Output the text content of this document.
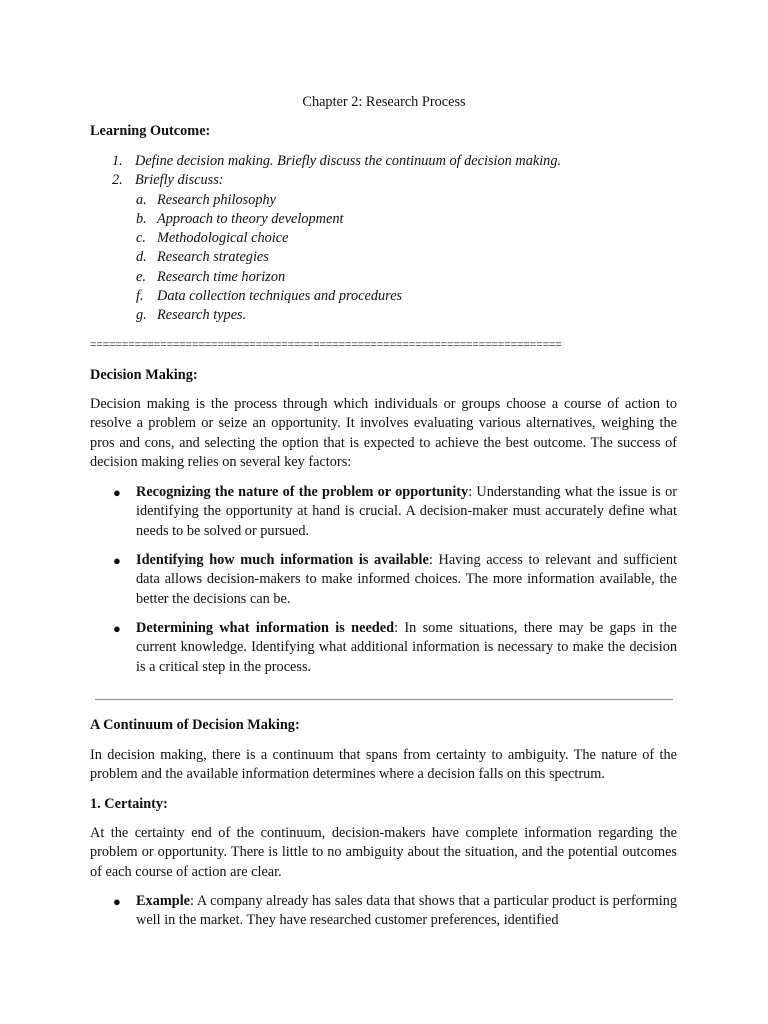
Chapter 2: Research Process

Learning Outcome:

1. Define decision making. Briefly discuss the continuum of decision making.
2. Briefly discuss:
a. Research philosophy
b. Approach to theory development
c. Methodological choice
d. Research strategies
e. Research time horizon
f. Data collection techniques and procedures
g. Research types.
==========================================================================

Decision Making:

Decision making is the process through which individuals or groups choose a course of action to resolve a problem or seize an opportunity. It involves evaluating various alternatives, weighing the pros and cons, and selecting the option that is expected to achieve the best outcome. The success of decision making relies on several key factors:

● Recognizing the nature of the problem or opportunity: Understanding what the issue is or identifying the opportunity at hand is crucial. A decision-maker must accurately define what needs to be solved or pursued.
● Identifying how much information is available: Having access to relevant and sufficient data allows decision-makers to make informed choices. The more information available, the better the decisions can be.
● Determining what information is needed: In some situations, there may be gaps in the current knowledge. Identifying what additional information is necessary to make the decision is a critical step in the process.

A Continuum of Decision Making:

In decision making, there is a continuum that spans from certainty to ambiguity. The nature of the problem and the available information determines where a decision falls on this spectrum.

1. Certainty:

At the certainty end of the continuum, decision-makers have complete information regarding the problem or opportunity. There is little to no ambiguity about the situation, and the potential outcomes of each course of action are clear.

● Example: A company already has sales data that shows that a particular product is performing well in the market. They have researched customer preferences, identified
